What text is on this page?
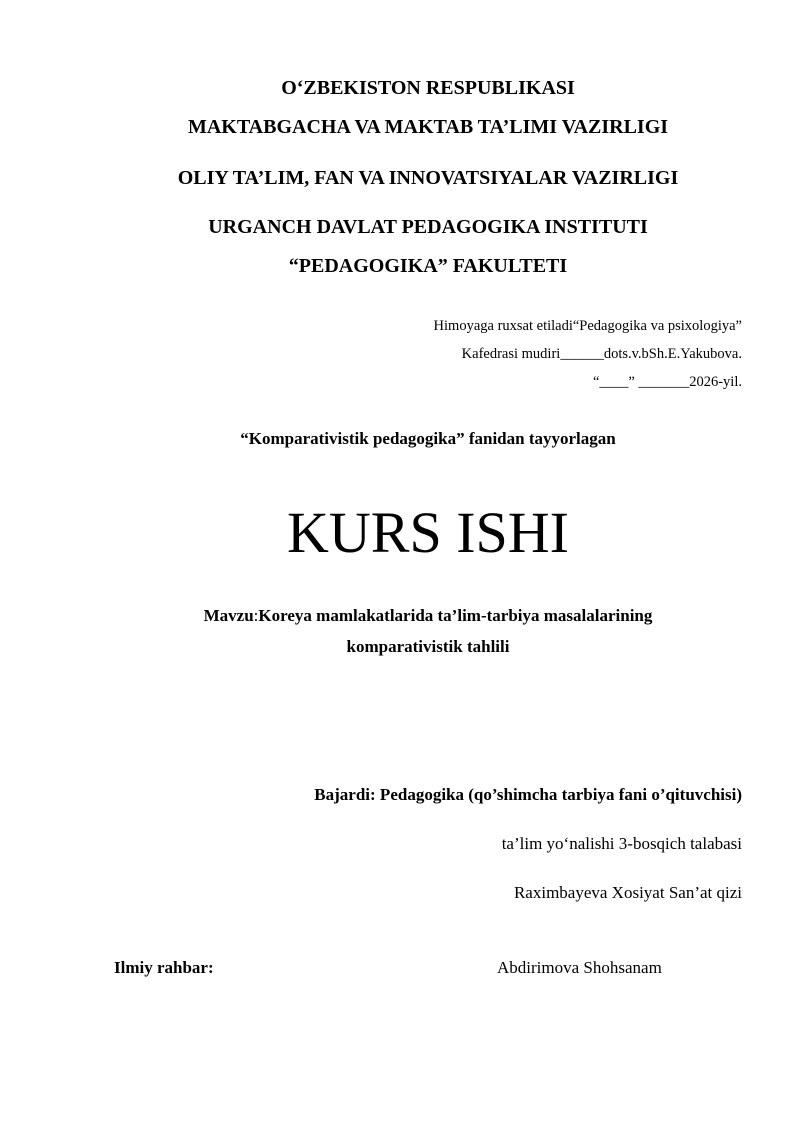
O‘ZBEKISTON RESPUBLIKASI
MAKTABGACHA VA MAKTAB TA’LIMI VAZIRLIGI
OLIY TA’LIM, FAN VA INNOVATSIYALAR VAZIRLIGI
URGANCH DAVLAT PEDAGOGIKA INSTITUTI
“PEDAGOGIKA” FAKULTETI
Himoyaga ruxsat etiladi“Pedagogika va psixologiya”
Kafedrasi mudiri______dots.v.bSh.E.Yakubova.
“____” _______2026-yil.
“Komparativistik pedagogika” fanidan tayyorlagan
KURS ISHI
Mavzu:Koreya mamlakatlarida ta’lim-tarbiya masalalarining
komparativistik tahlili
Bajardi: Pedagogika (qo’shimcha tarbiya fani o’qituvchisi)
ta’lim yo‘nalishi 3-bosqich talabasi
Raximbayeva Xosiyat San’at qizi
Ilmiy rahbar:	Abdirimova Shohsanam
